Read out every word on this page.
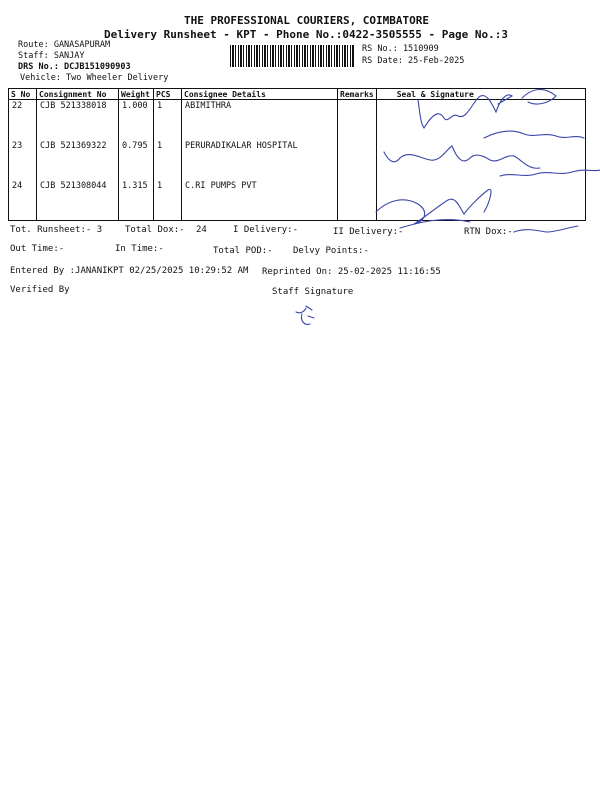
THE PROFESSIONAL COURIERS, COIMBATORE
Delivery Runsheet - KPT - Phone No.:0422-3505555 - Page No.:3
Route: GANASAPURAM
Staff: SANJAY
DRS No.: DCJB151090903
Vehicle: Two Wheeler Delivery
RS No.: 1510909
RS Date: 25-Feb-2025
S No	Consignment No	Weight	PCS	Consignee Details	Remarks	Seal & Signature
22	CJB 521338018	1.000	1	ABIMITHRA		
23	CJB 521369322	0.795	1	PERURADIKALAR HOSPITAL		
24	CJB 521308044	1.315	1	C.RI PUMPS PVT		
Tot. Runsheet:- 3	Total Dox:- 24	I Delivery:-	II Delivery:-	RTN Dox:-
Out Time:-	In Time:-	Total POD:- Delvy Points:-
Entered By :JANANIKPT 02/25/2025 10:29:52 AM Reprinted On: 25-02-2025 11:16:55
Verified By	Staff Signature
